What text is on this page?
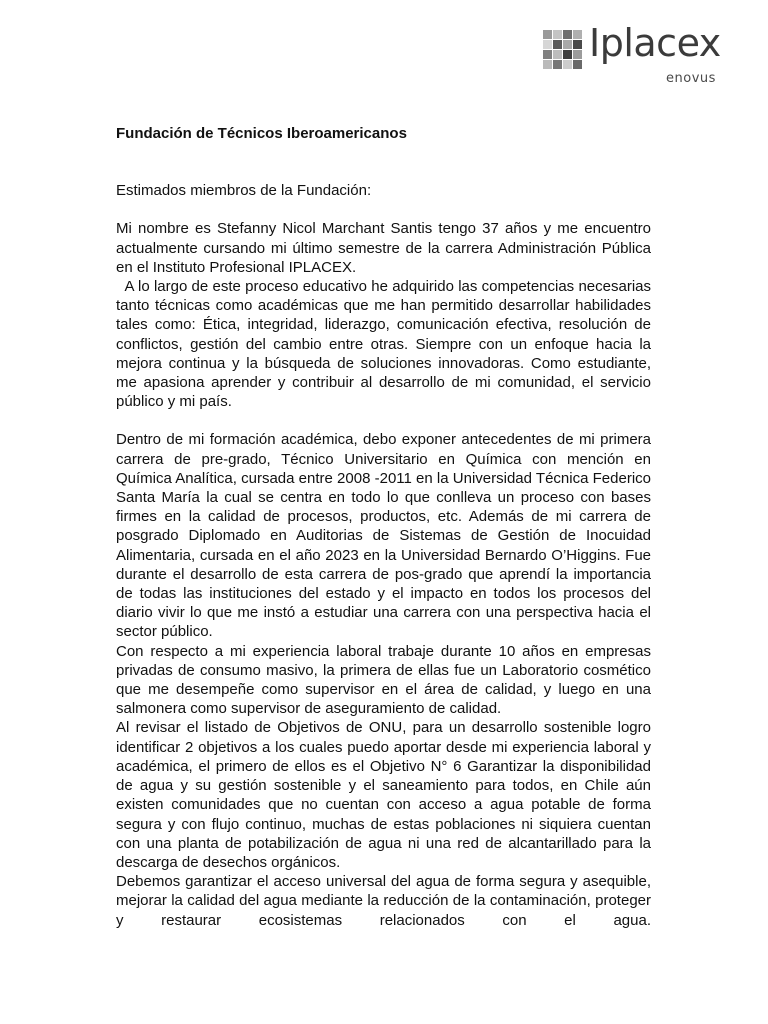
Iplacex
enovus

Fundación de Técnicos Iberoamericanos

Estimados miembros de la Fundación:

Mi nombre es Stefanny Nicol Marchant Santis tengo 37 años y me encuentro actualmente cursando mi último semestre de la carrera Administración Pública en el Instituto Profesional IPLACEX.

A lo largo de este proceso educativo he adquirido las competencias necesarias tanto técnicas como académicas que me han permitido desarrollar habilidades tales como: Ética, integridad, liderazgo, comunicación efectiva, resolución de conflictos, gestión del cambio entre otras. Siempre con un enfoque hacia la mejora continua y la búsqueda de soluciones innovadoras. Como estudiante, me apasiona aprender y contribuir al desarrollo de mi comunidad, el servicio público y mi país.

Dentro de mi formación académica, debo exponer antecedentes de mi primera carrera de pre-grado, Técnico Universitario en Química con mención en Química Analítica, cursada entre 2008 -2011 en la Universidad Técnica Federico Santa María la cual se centra en todo lo que conlleva un proceso con bases firmes en la calidad de procesos, productos, etc. Además de mi carrera de posgrado Diplomado en Auditorias de Sistemas de Gestión de Inocuidad Alimentaria, cursada en el año 2023 en la Universidad Bernardo O’Higgins. Fue durante el desarrollo de esta carrera de pos-grado que aprendí la importancia de todas las instituciones del estado y el impacto en todos los procesos del diario vivir lo que me instó a estudiar una carrera con una perspectiva hacia el sector público.

Con respecto a mi experiencia laboral trabaje durante 10 años en empresas privadas de consumo masivo, la primera de ellas fue un Laboratorio cosmético que me desempeñe como supervisor en el área de calidad, y luego en una salmonera como supervisor de aseguramiento de calidad.

Al revisar el listado de Objetivos de ONU, para un desarrollo sostenible logro identificar 2 objetivos a los cuales puedo aportar desde mi experiencia laboral y académica, el primero de ellos es el Objetivo N° 6 Garantizar la disponibilidad de agua y su gestión sostenible y el saneamiento para todos, en Chile aún existen comunidades que no cuentan con acceso a agua potable de forma segura y con flujo continuo, muchas de estas poblaciones ni siquiera cuentan con una planta de potabilización de agua ni una red de alcantarillado para la descarga de desechos orgánicos.

Debemos garantizar el acceso universal del agua de forma segura y asequible, mejorar la calidad del agua mediante la reducción de la contaminación, proteger y restaurar ecosistemas relacionados con el agua.
